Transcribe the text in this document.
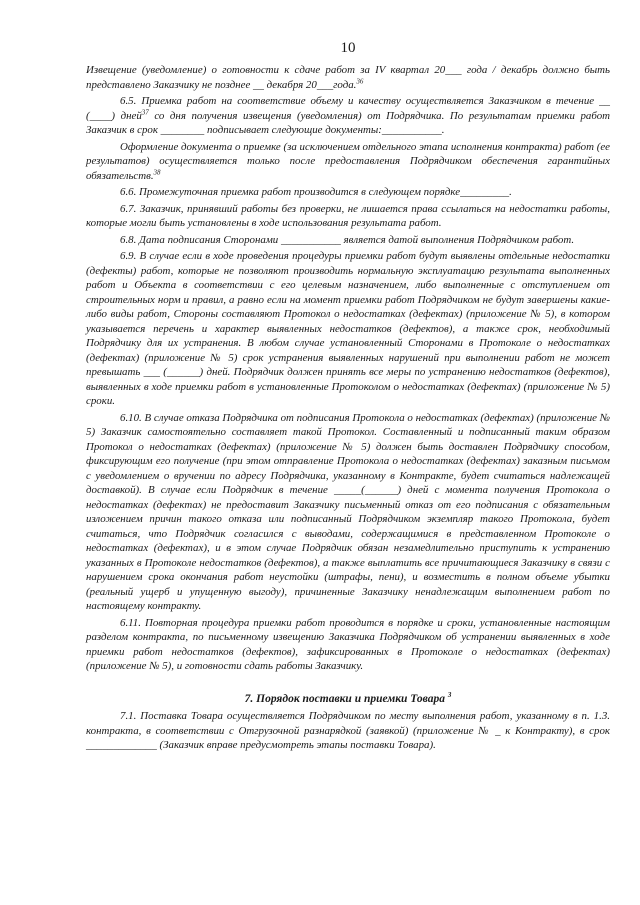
10

Извещение (уведомление) о готовности к сдаче работ за IV квартал 20___ года / декабрь должно быть представлено Заказчику не позднее __ декабря 20___года.$^{36}$

6.5. Приемка работ на соответствие объему и качеству осуществляется Заказчиком в течение __ (____) дней$^{37}$ со дня получения извещения (уведомления) от Подрядчика. По результатам приемки работ Заказчик в срок ________ подписывает следующие документы:___________.

Оформление документа о приемке (за исключением отдельного этапа исполнения контракта) работ (ее результатов) осуществляется только после предоставления Подрядчиком обеспечения гарантийных обязательств.$^{38}$

6.6. Промежуточная приемка работ производится в следующем порядке_________.

6.7. Заказчик, принявший работы без проверки, не лишается права ссылаться на недостатки работы, которые могли быть установлены в ходе использования результата работ.

6.8. Дата подписания Сторонами ___________ является датой выполнения Подрядчиком работ.

6.9. В случае если в ходе проведения процедуры приемки работ будут выявлены отдельные недостатки (дефекты) работ, которые не позволяют производить нормальную эксплуатацию результата выполненных работ и Объекта в соответствии с его целевым назначением, либо выполненные с отступлением от строительных норм и правил, а равно если на момент приемки работ Подрядчиком не будут завершены какие-либо виды работ, Стороны составляют Протокол о недостатках (дефектах) (приложение № 5), в котором указывается перечень и характер выявленных недостатков (дефектов), а также срок, необходимый Подрядчику для их устранения. В любом случае установленный Сторонами в Протоколе о недостатках (дефектах) (приложение № 5) срок устранения выявленных нарушений при выполнении работ не может превышать ___ (______) дней. Подрядчик должен принять все меры по устранению недостатков (дефектов), выявленных в ходе приемки работ в установленные Протоколом о недостатках (дефектах) (приложение № 5) сроки.

6.10. В случае отказа Подрядчика от подписания Протокола о недостатках (дефектах) (приложение № 5) Заказчик самостоятельно составляет такой Протокол. Составленный и подписанный таким образом Протокол о недостатках (дефектах) (приложение № 5) должен быть доставлен Подрядчику способом, фиксирующим его получение (при этом отправление Протокола о недостатках (дефектах) заказным письмом с уведомлением о вручении по адресу Подрядчика, указанному в Контракте, будет считаться надлежащей доставкой). В случае если Подрядчик в течение _____(______) дней с момента получения Протокола о недостатках (дефектах) не предоставит Заказчику письменный отказ от его подписания с обязательным изложением причин такого отказа или подписанный Подрядчиком экземпляр такого Протокола, будет считаться, что Подрядчик согласился с выводами, содержащимися в представленном Протоколе о недостатках (дефектах), и в этом случае Подрядчик обязан незамедлительно приступить к устранению указанных в Протоколе недостатков (дефектов), а также выплатить все причитающиеся Заказчику в связи с нарушением срока окончания работ неустойки (штрафы, пени), и возместить в полном объеме убытки (реальный ущерб и упущенную выгоду), причиненные Заказчику ненадлежащим выполнением работ по настоящему контракту.

6.11. Повторная процедура приемки работ проводится в порядке и сроки, установленные настоящим разделом контракта, по письменному извещению Заказчика Подрядчиком об устранении выявленных в ходе приемки работ недостатков (дефектов), зафиксированных в Протоколе о недостатках (дефектах) (приложение № 5), и готовности сдать работы Заказчику.

7. Порядок поставки и приемки Товара $^3$

7.1. Поставка Товара осуществляется Подрядчиком по месту выполнения работ, указанному в п. 1.3. контракта, в соответствии с Отгрузочной разнарядкой (заявкой) (приложение № _ к Контракту), в срок _____________ (Заказчик вправе предусмотреть этапы поставки Товара).
